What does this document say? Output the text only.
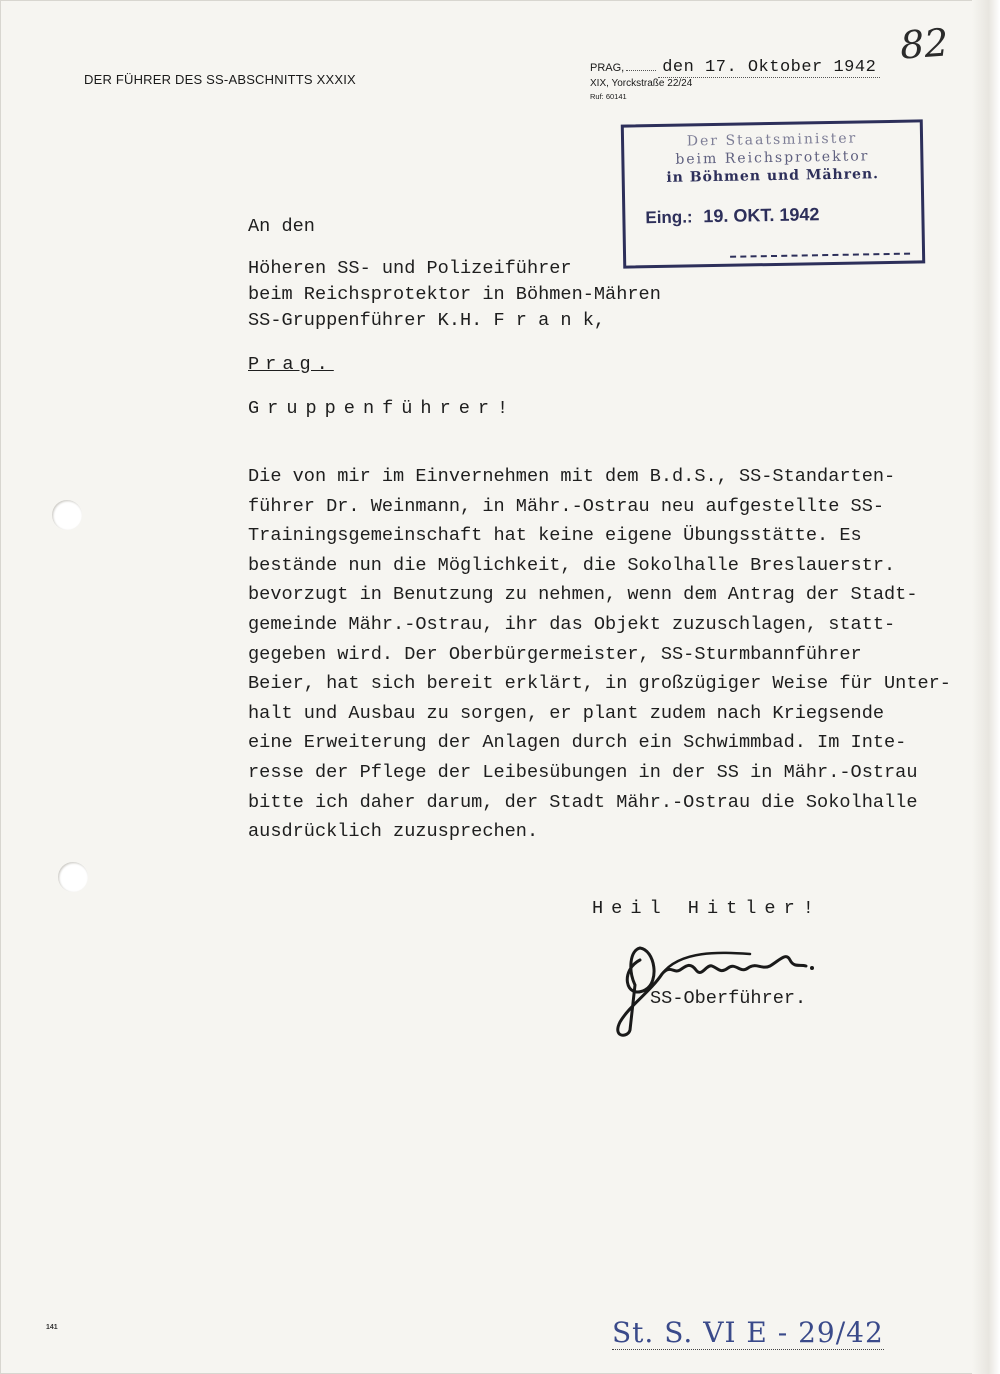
DER FÜHRER DES SS-ABSCHNITTS XXXIX
PRAG, den 17. Oktober 1942
XIX, Yorckstraße 22/24
Ruf: 60141
82
Der Staatsminister
beim Reichsprotektor
in Böhmen und Mähren.
Eing.: 19. OKT. 1942
An den
Höheren SS- und Polizeiführer
beim Reichsprotektor in Böhmen-Mähren
SS-Gruppenführer K.H. F r a n k,
Prag.
Gruppenführer!
Die von mir im Einvernehmen mit dem B.d.S., SS-Standarten-
führer Dr. Weinmann, in Mähr.-Ostrau neu aufgestellte SS-
Trainingsgemeinschaft hat keine eigene Übungsstätte. Es
bestände nun die Möglichkeit, die Sokolhalle Breslauerstr.
bevorzugt in Benutzung zu nehmen, wenn dem Antrag der Stadt-
gemeinde Mähr.-Ostrau, ihr das Objekt zuzuschlagen, statt-
gegeben wird. Der Oberbürgermeister, SS-Sturmbannführer
Beier, hat sich bereit erklärt, in großzügiger Weise für Unter-
halt und Ausbau zu sorgen, er plant zudem nach Kriegsende
eine Erweiterung der Anlagen durch ein Schwimmbad. Im Inte-
resse der Pflege der Leibesübungen in der SS in Mähr.-Ostrau
bitte ich daher darum, der Stadt Mähr.-Ostrau die Sokolhalle
ausdrücklich zuzusprechen.
Heil Hitler!
SS-Oberführer.
St. S. VI E - 29/42
141
